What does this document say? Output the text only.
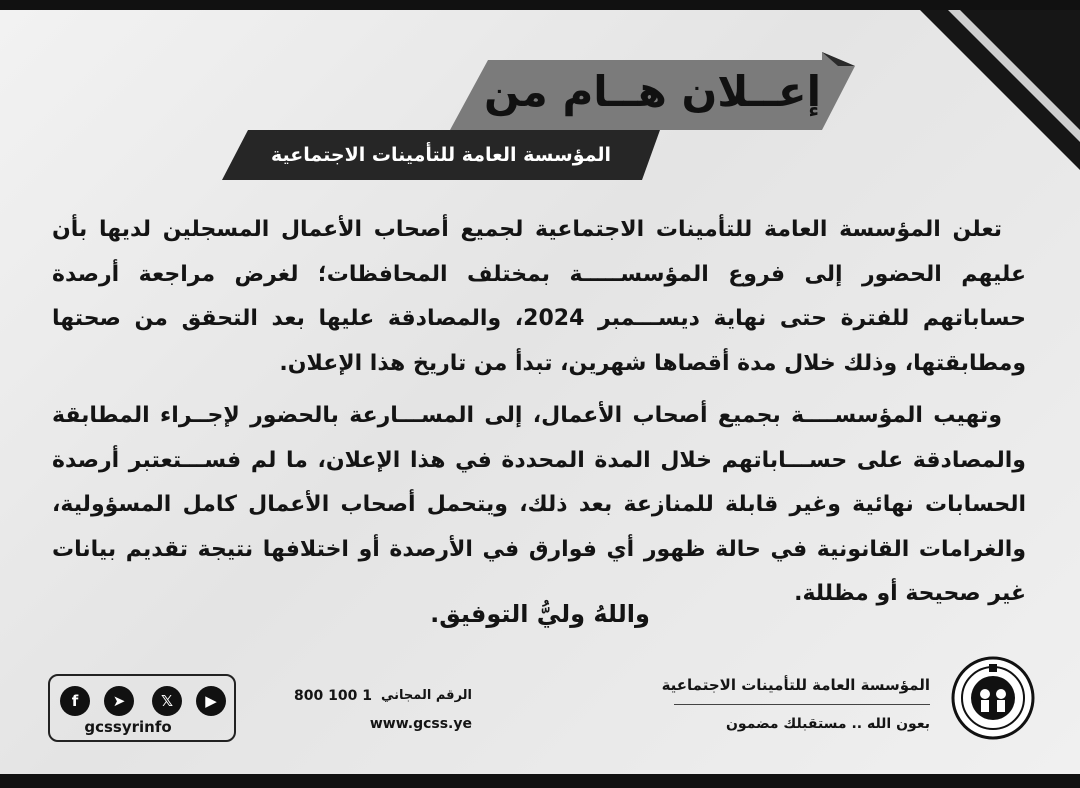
إعــلان هــام من
المؤسسة العامة للتأمينات الاجتماعية

تعلن المؤسسة العامة للتأمينات الاجتماعية لجميع أصحاب الأعمال المسجلين لديها بأن عليهم الحضور إلى فروع المؤسســـــة بمختلف المحافظات؛ لغرض مراجعة أرصدة حساباتهم للفترة حتى نهاية ديســـمبر 2024، والمصادقة عليها بعد التحقق من صحتها ومطابقتها، وذلك خلال مدة أقصاها شهرين، تبدأ من تاريخ هذا الإعلان.

وتهيب المؤسســــة بجميع أصحاب الأعمال، إلى المســـارعة بالحضور لإجــراء المطابقة والمصادقة على حســـاباتهم خلال المدة المحددة في هذا الإعلان، ما لم فســـتعتبر أرصدة الحسابات نهائية وغير قابلة للمنازعة بعد ذلك، ويتحمل أصحاب الأعمال كامل المسؤولية، والغرامات القانونية في حالة ظهور أي فوارق في الأرصدة أو اختلافها نتيجة تقديم بيانات غير صحيحة أو مظللة.

واللهُ وليُّ التوفيق.
المؤسسة العامة للتأمينات الاجتماعية
بعون الله .. مستقبلك مضمون
الرقم المجاني
800 100 1
www.gcss.ye
f	➤	𝕏	▶
gcssyrinfo
